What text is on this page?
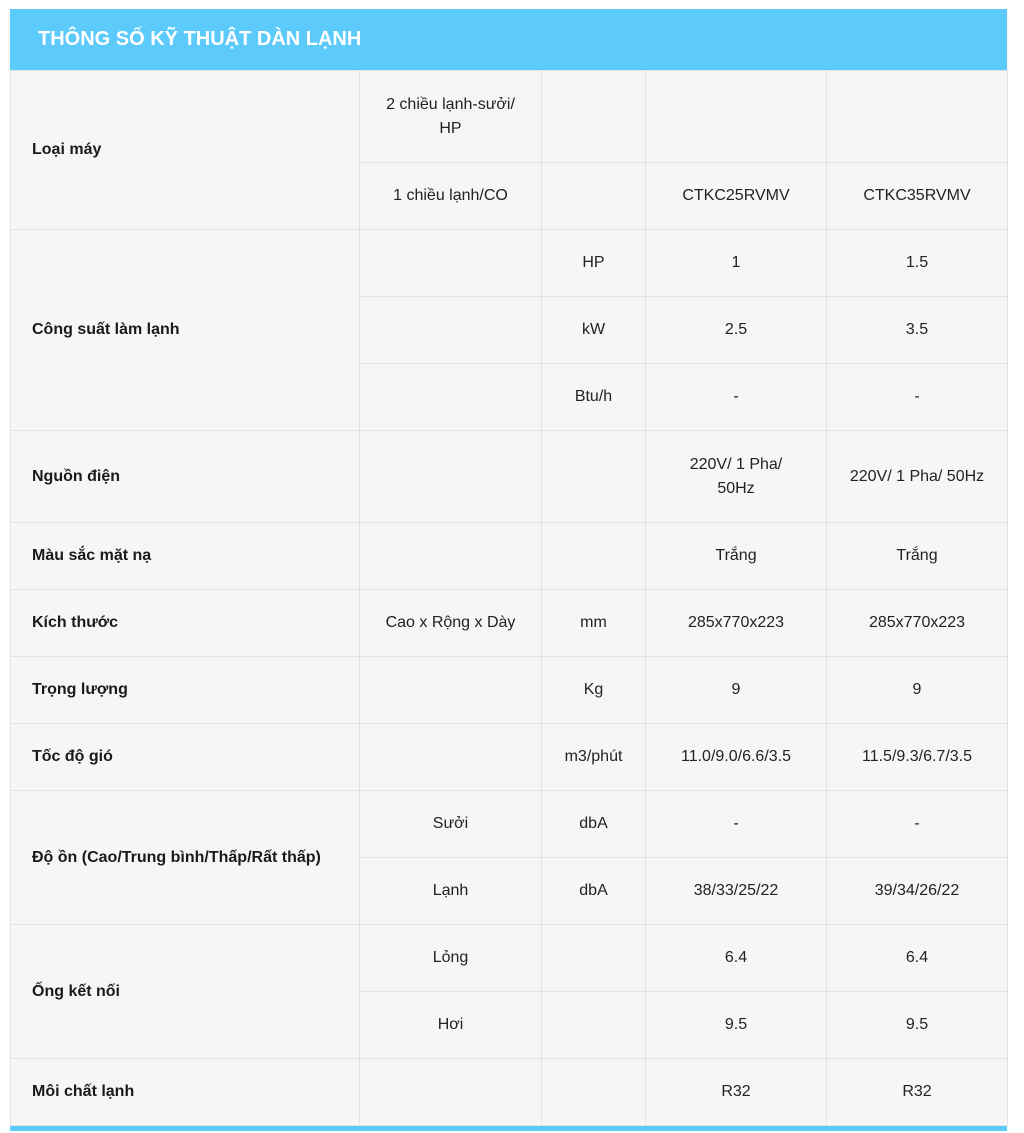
THÔNG SỐ KỸ THUẬT DÀN LẠNH
Loại máy	2 chiều lạnh-sưởi/ HP			
	1 chiều lạnh/CO		CTKC25RVMV	CTKC35RVMV
Công suất làm lạnh		HP	1	1.5
		kW	2.5	3.5
		Btu/h	-	-
Nguồn điện			220V/ 1 Pha/ 50Hz	220V/ 1 Pha/ 50Hz
Màu sắc mặt nạ			Trắng	Trắng
Kích thước	Cao x Rộng x Dày	mm	285x770x223	285x770x223
Trọng lượng		Kg	9	9
Tốc độ gió		m3/phút	11.0/9.0/6.6/3.5	11.5/9.3/6.7/3.5
Độ ồn (Cao/Trung bình/Thấp/Rất thấp)	Sưởi	dbA	-	-
	Lạnh	dbA	38/33/25/22	39/34/26/22
Ống kết nối	Lỏng		6.4	6.4
	Hơi		9.5	9.5
Môi chất lạnh			R32	R32
